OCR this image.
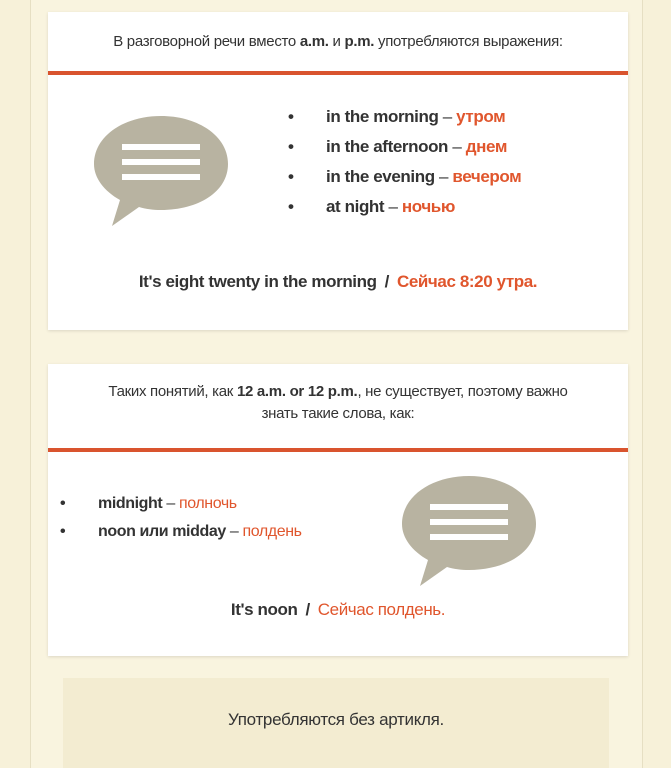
В разговорной речи вместо a.m. и p.m. употребляются выражения:
• in the morning – утром
• in the afternoon – днем
• in the evening – вечером
• at night – ночью
It's eight twenty in the morning / Сейчас 8:20 утра.
Таких понятий, как 12 a.m. or 12 p.m., не существует, поэтому важно
знать такие слова, как:
• midnight – полночь
• noon или midday – полдень
It's noon / Сейчас полдень.
Употребляются без артикля.
